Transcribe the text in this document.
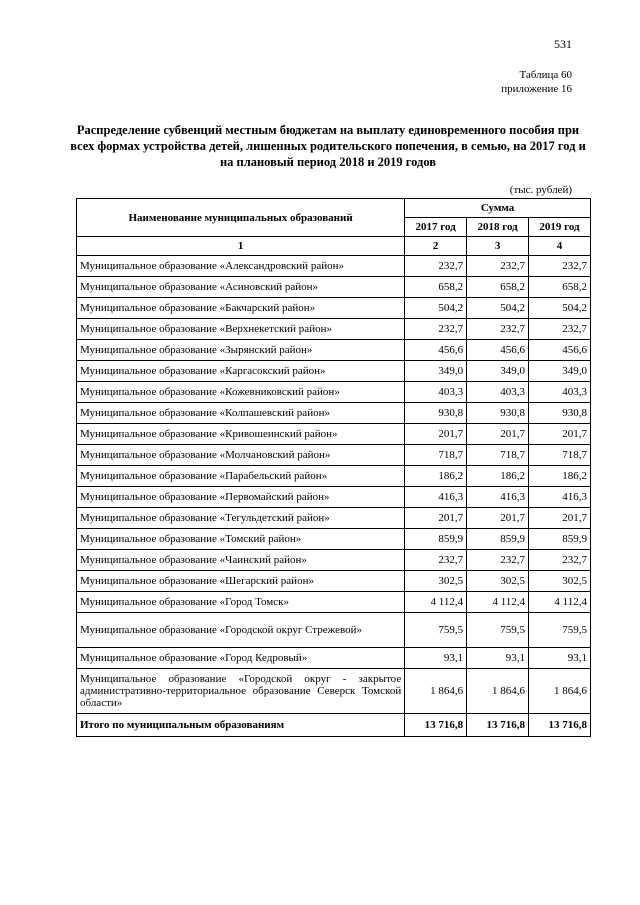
531
Таблица 60
приложение 16
Распределение субвенций местным бюджетам на выплату единовременного пособия при всех формах устройства детей, лишенных родительского попечения, в семью, на 2017 год и на плановый период 2018 и 2019 годов
(тыс. рублей)
Наименование муниципальных образований	Сумма		
	2017 год	2018 год	2019 год
1	2	3	4
Муниципальное образование «Александровский район»	232,7	232,7	232,7
Муниципальное образование «Асиновский район»	658,2	658,2	658,2
Муниципальное образование «Бакчарский район»	504,2	504,2	504,2
Муниципальное образование «Верхнекетский район»	232,7	232,7	232,7
Муниципальное образование «Зырянский район»	456,6	456,6	456,6
Муниципальное образование «Каргасокский район»	349,0	349,0	349,0
Муниципальное образование «Кожевниковский район»	403,3	403,3	403,3
Муниципальное образование «Колпашевский район»	930,8	930,8	930,8
Муниципальное образование «Кривошеинский район»	201,7	201,7	201,7
Муниципальное образование «Молчановский район»	718,7	718,7	718,7
Муниципальное образование «Парабельский район»	186,2	186,2	186,2
Муниципальное образование «Первомайский район»	416,3	416,3	416,3
Муниципальное образование «Тегульдетский район»	201,7	201,7	201,7
Муниципальное образование «Томский район»	859,9	859,9	859,9
Муниципальное образование «Чаинский район»	232,7	232,7	232,7
Муниципальное образование «Шегарский район»	302,5	302,5	302,5
Муниципальное образование «Город Томск»	4 112,4	4 112,4	4 112,4
Муниципальное образование «Городской округ Стрежевой»	759,5	759,5	759,5
Муниципальное образование «Город Кедровый»	93,1	93,1	93,1
Муниципальное образование «Городской округ - закрытое административно-территориальное образование Северск Томской области»	1 864,6	1 864,6	1 864,6
Итого по муниципальным образованиям	13 716,8	13 716,8	13 716,8
